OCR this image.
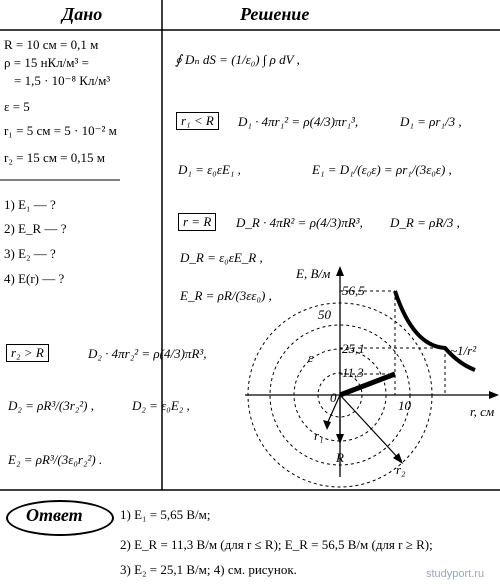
Дано	Решение
R = 10 см = 0,1 м
ρ = 15 нКл/м³ =
= 1,5 · 10⁻⁸ Кл/м³
ε = 5
r₁ = 5 см = 5 · 10⁻² м
r₂ = 15 см = 0,15 м
1) E₁ — ?
2) E_R — ?
3) E₂ — ?
4) E(r) — ?
∮ Dₙ dS = (1/ε₀) ∫ ρ dV ,
r₁ < R	D₁ · 4πr₁² = ρ(4/3)πr₁³,	D₁ = ρr₁/3 ,
D₁ = ε₀εE₁ ,	E₁ = D₁/(ε₀ε) = ρr₁/(3ε₀ε) ,
r = R	D_R · 4πR² = ρ(4/3)πR³, D_R = ρR/3 ,
D_R = ε₀εE_R ,
E_R = ρR/(3εε₀) ,
r₂ > R	D₂ · 4πr₂² = ρ(4/3)πR³,
D₂ = ρR³/(3r₂²) ,	D₂ = ε₀E₂ ,
E₂ = ρR³/(3ε₀r₂²) .
E, В/м
r, см
56,5
50
25,1
11,3
0
10
~1/r²
ε
R
r₁
r₂
Ответ	1) E₁ = 5,65 В/м;
2) E_R = 11,3 В/м (для r ≤ R); E_R = 56,5 В/м (для r ≥ R);
3) E₂ = 25,1 В/м; 4) см. рисунок.	studyport.ru
